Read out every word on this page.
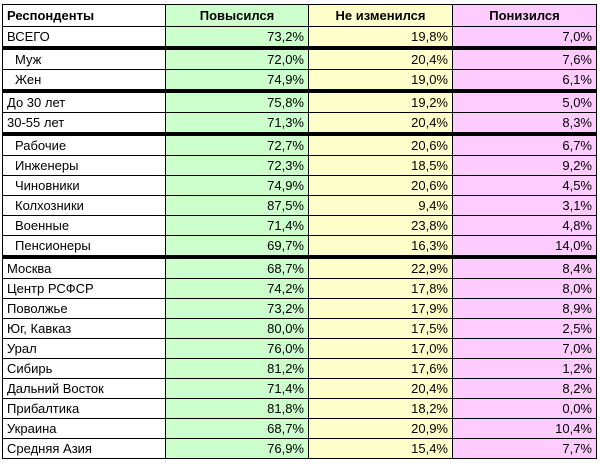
Респонденты	Повысился	Не изменился	Понизился
ВСЕГО	73,2%	19,8%	7,0%
Муж	72,0%	20,4%	7,6%
Жен	74,9%	19,0%	6,1%
До 30 лет	75,8%	19,2%	5,0%
30-55 лет	71,3%	20,4%	8,3%
Рабочие	72,7%	20,6%	6,7%
Инженеры	72,3%	18,5%	9,2%
Чиновники	74,9%	20,6%	4,5%
Колхозники	87,5%	9,4%	3,1%
Военные	71,4%	23,8%	4,8%
Пенсионеры	69,7%	16,3%	14,0%
Москва	68,7%	22,9%	8,4%
Центр РСФСР	74,2%	17,8%	8,0%
Поволжье	73,2%	17,9%	8,9%
Юг, Кавказ	80,0%	17,5%	2,5%
Урал	76,0%	17,0%	7,0%
Сибирь	81,2%	17,6%	1,2%
Дальний Восток	71,4%	20,4%	8,2%
Прибалтика	81,8%	18,2%	0,0%
Украина	68,7%	20,9%	10,4%
Средняя Азия	76,9%	15,4%	7,7%
